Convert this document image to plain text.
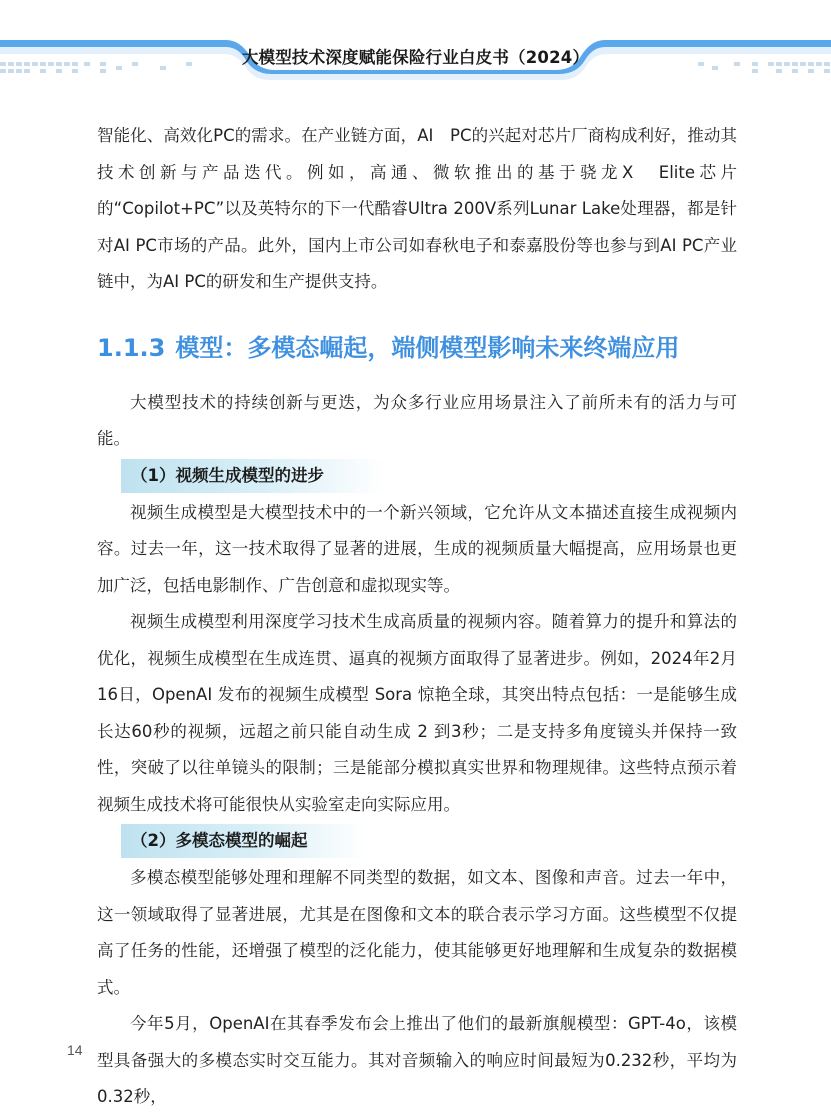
大模型技术深度赋能保险行业白皮书（2024）

智能化、高效化PC的需求。在产业链方面，AI　PC的兴起对芯片厂商构成利好，推动其技术创新与产品迭代。例如，高通、微软推出的基于骁龙X　Elite芯片的“Copilot+PC”以及英特尔的下一代酷睿Ultra 200V系列Lunar Lake处理器，都是针对AI PC市场的产品。此外，国内上市公司如春秋电子和泰嘉股份等也参与到AI PC产业链中，为AI PC的研发和生产提供支持。

1.1.3 模型：多模态崛起，端侧模型影响未来终端应用

大模型技术的持续创新与更迭，为众多行业应用场景注入了前所未有的活力与可能。

（1）视频生成模型的进步

视频生成模型是大模型技术中的一个新兴领域，它允许从文本描述直接生成视频内容。过去一年，这一技术取得了显著的进展，生成的视频质量大幅提高，应用场景也更加广泛，包括电影制作、广告创意和虚拟现实等。

视频生成模型利用深度学习技术生成高质量的视频内容。随着算力的提升和算法的优化，视频生成模型在生成连贯、逼真的视频方面取得了显著进步。例如，2024年2月16日，OpenAI 发布的视频生成模型 Sora 惊艳全球，其突出特点包括：一是能够生成长达60秒的视频，远超之前只能自动生成 2 到3秒；二是支持多角度镜头并保持一致性，突破了以往单镜头的限制；三是能部分模拟真实世界和物理规律。这些特点预示着视频生成技术将可能很快从实验室走向实际应用。

（2）多模态模型的崛起

多模态模型能够处理和理解不同类型的数据，如文本、图像和声音。过去一年中，这一领域取得了显著进展，尤其是在图像和文本的联合表示学习方面。这些模型不仅提高了任务的性能，还增强了模型的泛化能力，使其能够更好地理解和生成复杂的数据模式。

今年5月，OpenAI在其春季发布会上推出了他们的最新旗舰模型：GPT-4o，该模型具备强大的多模态实时交互能力。其对音频输入的响应时间最短为0.232秒，平均为0.32秒，

14
